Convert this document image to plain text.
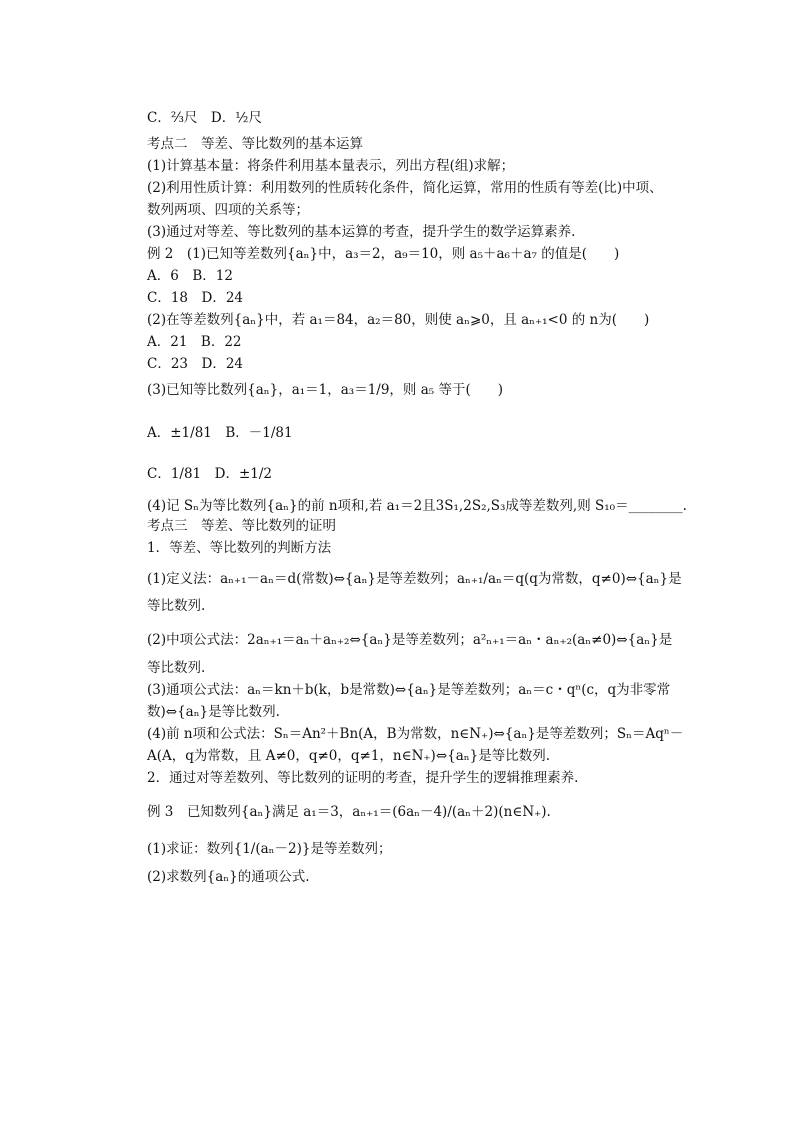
C．⅔尺　D．½尺
考点二　等差、等比数列的基本运算
(1)计算基本量：将条件利用基本量表示，列出方程(组)求解；
(2)利用性质计算：利用数列的性质转化条件，简化运算，常用的性质有等差(比)中项、
数列两项、四项的关系等；
(3)通过对等差、等比数列的基本运算的考查，提升学生的数学运算素养.
例 2　(1)已知等差数列{aₙ}中，a₃＝2，a₉＝10，则 a₅＋a₆＋a₇ 的值是(　　)
A．6　B．12
C．18　D．24
(2)在等差数列{aₙ}中，若 a₁＝84，a₂＝80，则使 aₙ⩾0，且 aₙ₊₁<0 的 n为(　　)
A．21　B．22
C．23　D．24
(3)已知等比数列{aₙ}，a₁＝1，a₃＝1/9，则 a₅ 等于(　　)
A．±1/81　B．－1/81
C．1/81　D．±1/2
(4)记 Sₙ为等比数列{aₙ}的前 n项和,若 a₁＝2且3S₁,2S₂,S₃成等差数列,则 S₁₀＝________.
考点三　等差、等比数列的证明
1．等差、等比数列的判断方法
(1)定义法：aₙ₊₁－aₙ＝d(常数)⇔{aₙ}是等差数列；aₙ₊₁/aₙ＝q(q为常数，q≠0)⇔{aₙ}是
等比数列.
(2)中项公式法：2aₙ₊₁＝aₙ＋aₙ₊₂⇔{aₙ}是等差数列；a²ₙ₊₁＝aₙ・aₙ₊₂(aₙ≠0)⇔{aₙ}是
等比数列.
(3)通项公式法：aₙ＝kn＋b(k，b是常数)⇔{aₙ}是等差数列；aₙ＝c・qⁿ(c，q为非零常
数)⇔{aₙ}是等比数列.
(4)前 n项和公式法：Sₙ＝An²＋Bn(A，B为常数，n∈N₊)⇔{aₙ}是等差数列；Sₙ＝Aqⁿ－
A(A，q为常数，且 A≠0，q≠0，q≠1，n∈N₊)⇔{aₙ}是等比数列.
2．通过对等差数列、等比数列的证明的考查，提升学生的逻辑推理素养.
例 3　已知数列{aₙ}满足 a₁＝3，aₙ₊₁＝(6aₙ－4)/(aₙ＋2)(n∈N₊).
(1)求证：数列{1/(aₙ－2)}是等差数列；
(2)求数列{aₙ}的通项公式.
